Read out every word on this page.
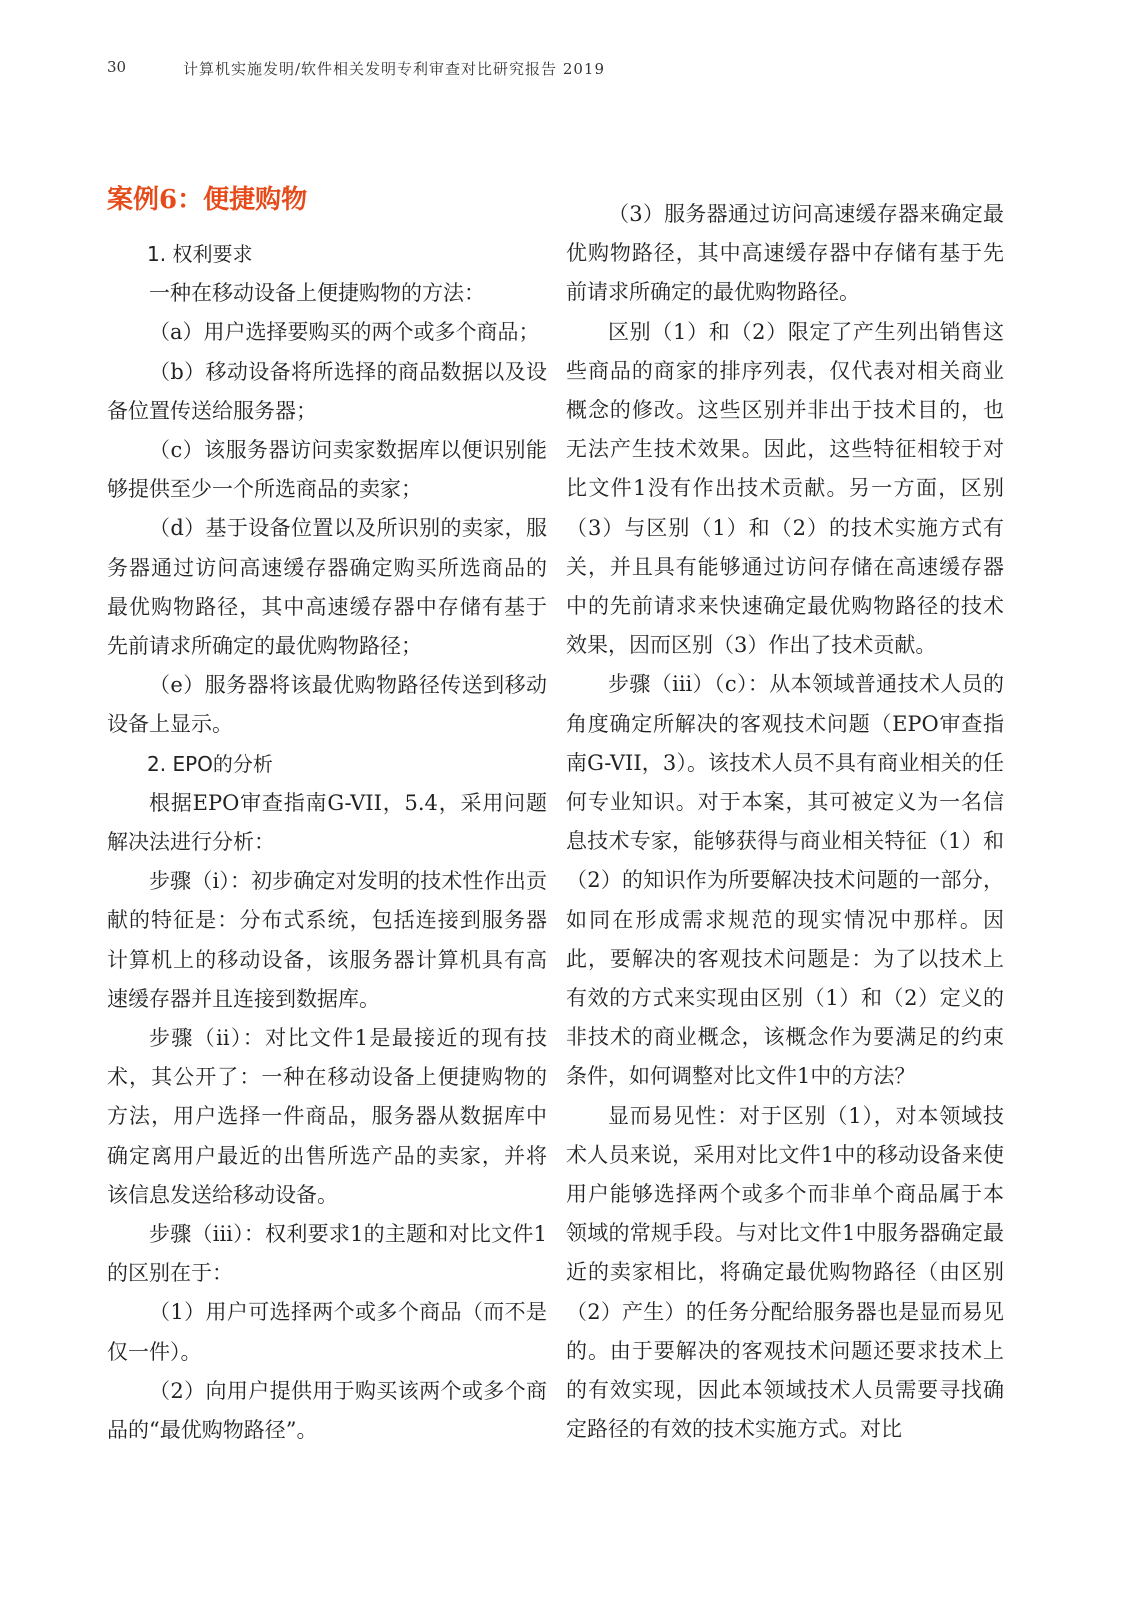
30	计算机实施发明/软件相关发明专利审查对比研究报告 2019
案例6：便捷购物
1. 权利要求

一种在移动设备上便捷购物的方法：

（a）用户选择要购买的两个或多个商品；

（b）移动设备将所选择的商品数据以及设备位置传送给服务器；

（c）该服务器访问卖家数据库以便识别能够提供至少一个所选商品的卖家；

（d）基于设备位置以及所识别的卖家，服务器通过访问高速缓存器确定购买所选商品的最优购物路径，其中高速缓存器中存储有基于先前请求所确定的最优购物路径；

（e）服务器将该最优购物路径传送到移动设备上显示。

2. EPO的分析

根据EPO审查指南G-VII，5.4，采用问题解决法进行分析：

步骤（i）：初步确定对发明的技术性作出贡献的特征是：分布式系统，包括连接到服务器计算机上的移动设备，该服务器计算机具有高速缓存器并且连接到数据库。

步骤（ii）：对比文件1是最接近的现有技术，其公开了：一种在移动设备上便捷购物的方法，用户选择一件商品，服务器从数据库中确定离用户最近的出售所选产品的卖家，并将该信息发送给移动设备。

步骤（iii）：权利要求1的主题和对比文件1的区别在于：

（1）用户可选择两个或多个商品（而不是仅一件）。

（2）向用户提供用于购买该两个或多个商品的“最优购物路径”。

（3）服务器通过访问高速缓存器来确定最优购物路径，其中高速缓存器中存储有基于先前请求所确定的最优购物路径。

区别（1）和（2）限定了产生列出销售这些商品的商家的排序列表，仅代表对相关商业概念的修改。这些区别并非出于技术目的，也无法产生技术效果。因此，这些特征相较于对比文件1没有作出技术贡献。另一方面，区别（3）与区别（1）和（2）的技术实施方式有关，并且具有能够通过访问存储在高速缓存器中的先前请求来快速确定最优购物路径的技术效果，因而区别（3）作出了技术贡献。

步骤（iii）（c）：从本领域普通技术人员的角度确定所解决的客观技术问题（EPO审查指南G-VII，3）。该技术人员不具有商业相关的任何专业知识。对于本案，其可被定义为一名信息技术专家，能够获得与商业相关特征（1）和（2）的知识作为所要解决技术问题的一部分，如同在形成需求规范的现实情况中那样。因此，要解决的客观技术问题是：为了以技术上有效的方式来实现由区别（1）和（2）定义的非技术的商业概念，该概念作为要满足的约束条件，如何调整对比文件1中的方法？

显而易见性：对于区别（1），对本领域技术人员来说，采用对比文件1中的移动设备来使用户能够选择两个或多个而非单个商品属于本领域的常规手段。与对比文件1中服务器确定最近的卖家相比，将确定最优购物路径（由区别（2）产生）的任务分配给服务器也是显而易见的。由于要解决的客观技术问题还要求技术上的有效实现，因此本领域技术人员需要寻找确定路径的有效的技术实施方式。对比
